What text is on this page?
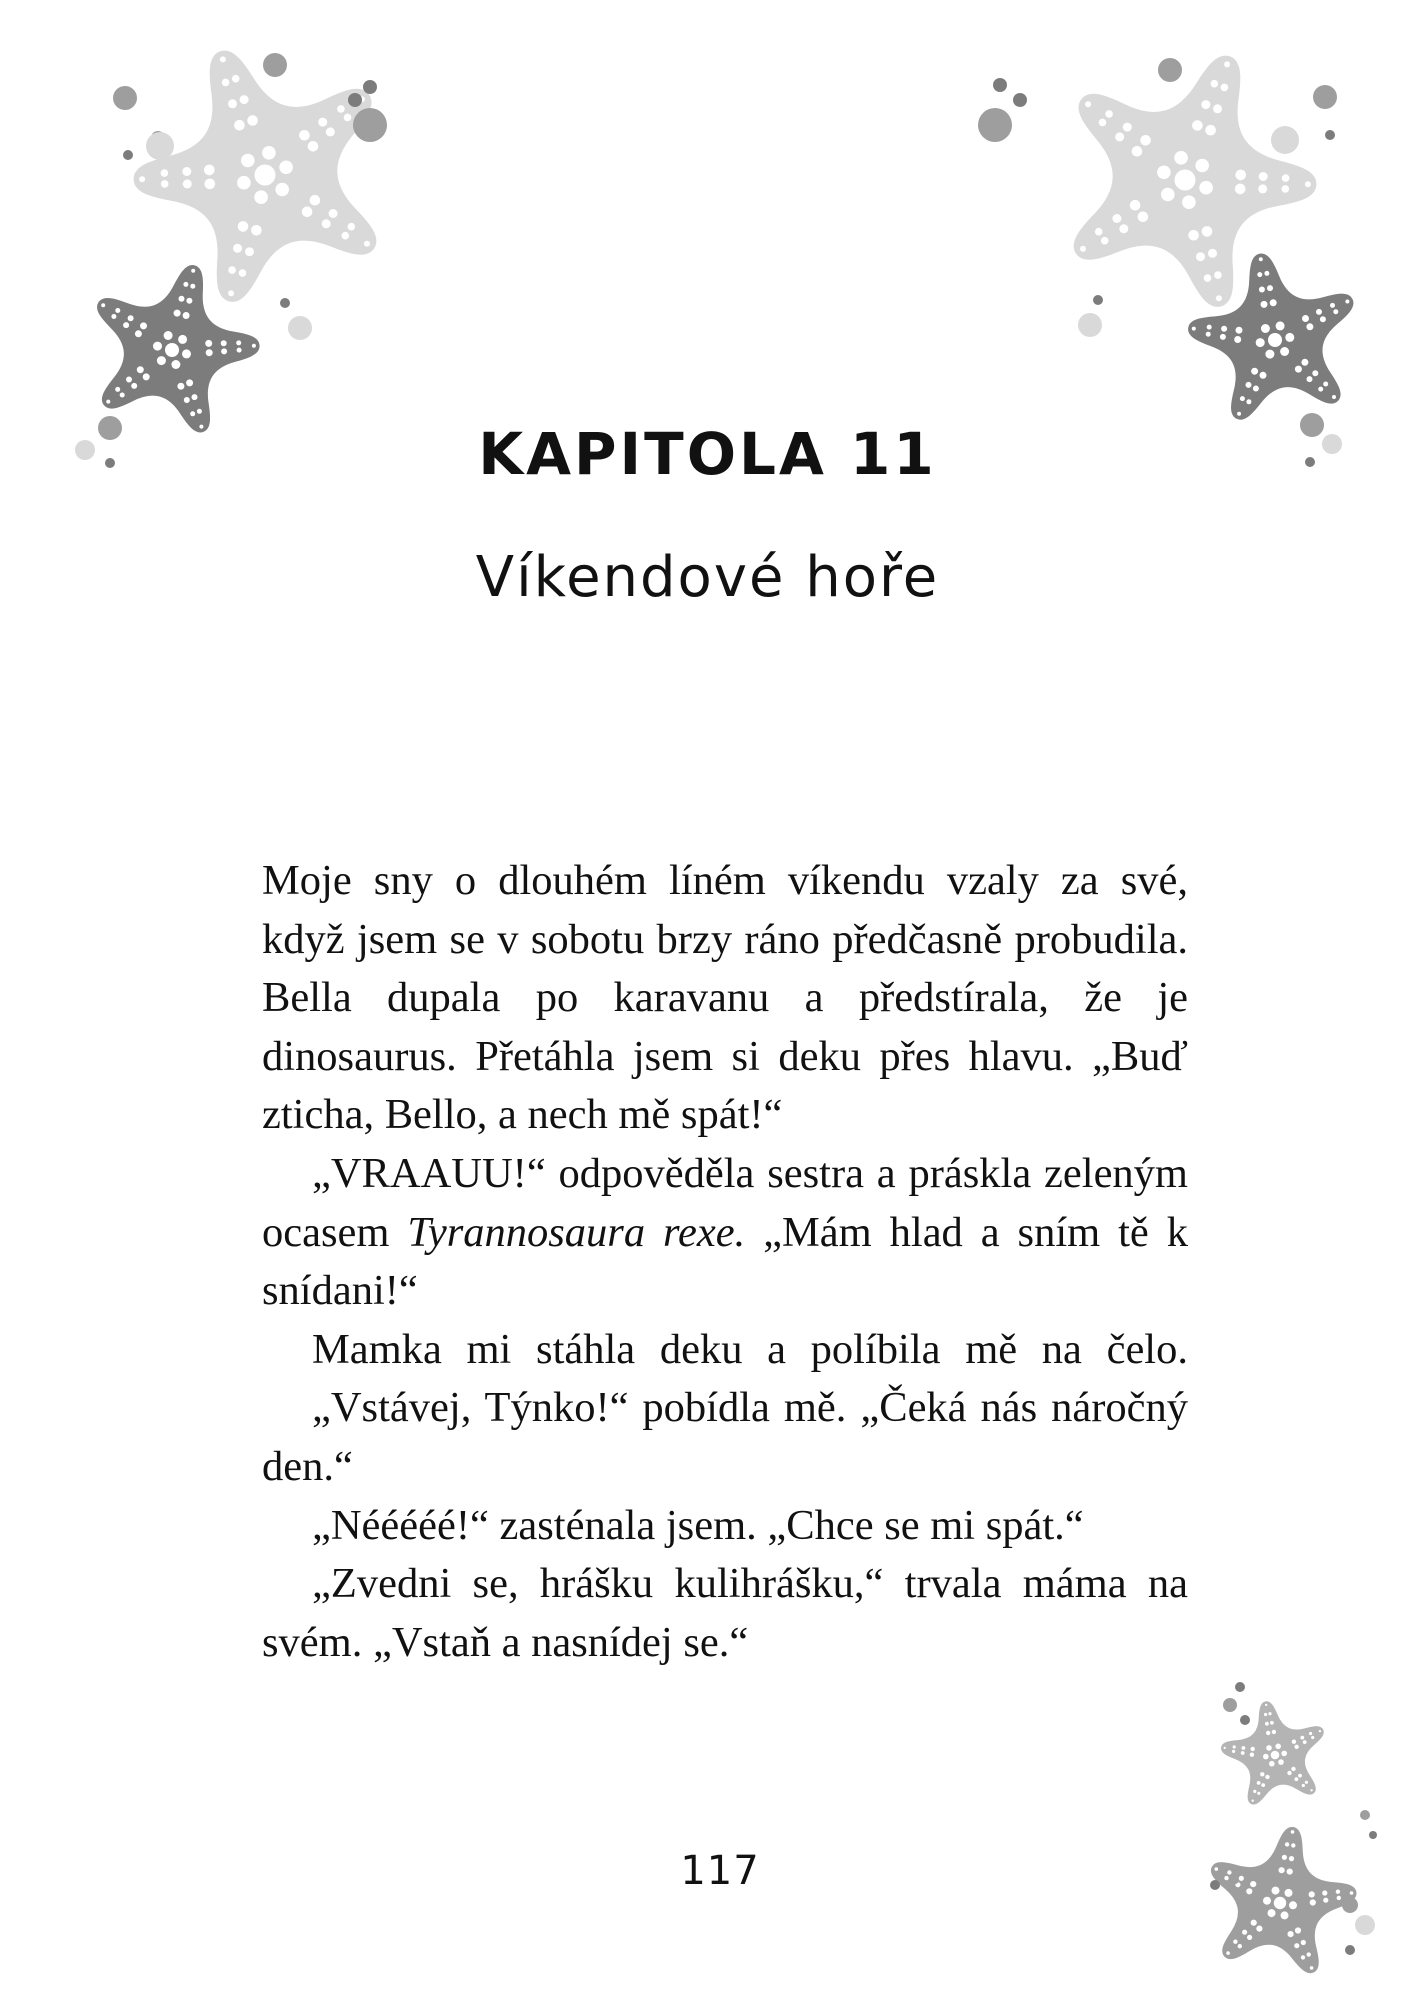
KAPITOLA 11
Víkendové hoře

Moje sny o dlouhém líném víkendu vzaly za své, když jsem se v sobotu brzy ráno předčasně probudila. Bella dupala po karavanu a předstírala, že je dinosaurus. Přetáhla jsem si deku přes hlavu. „Buď zticha, Bello, a nech mě spát!“

„VRAAUU!“ odpověděla sestra a práskla zeleným ocasem Tyrannosaura rexe. „Mám hlad a sním tě k snídani!“

Mamka mi stáhla deku a políbila mě na čelo.

„Vstávej, Týnko!“ pobídla mě. „Čeká nás náročný den.“

„Nééééé!“ zasténala jsem. „Chce se mi spát.“

„Zvedni se, hrášku kulihrášku,“ trvala máma na svém. „Vstaň a nasnídej se.“

117
